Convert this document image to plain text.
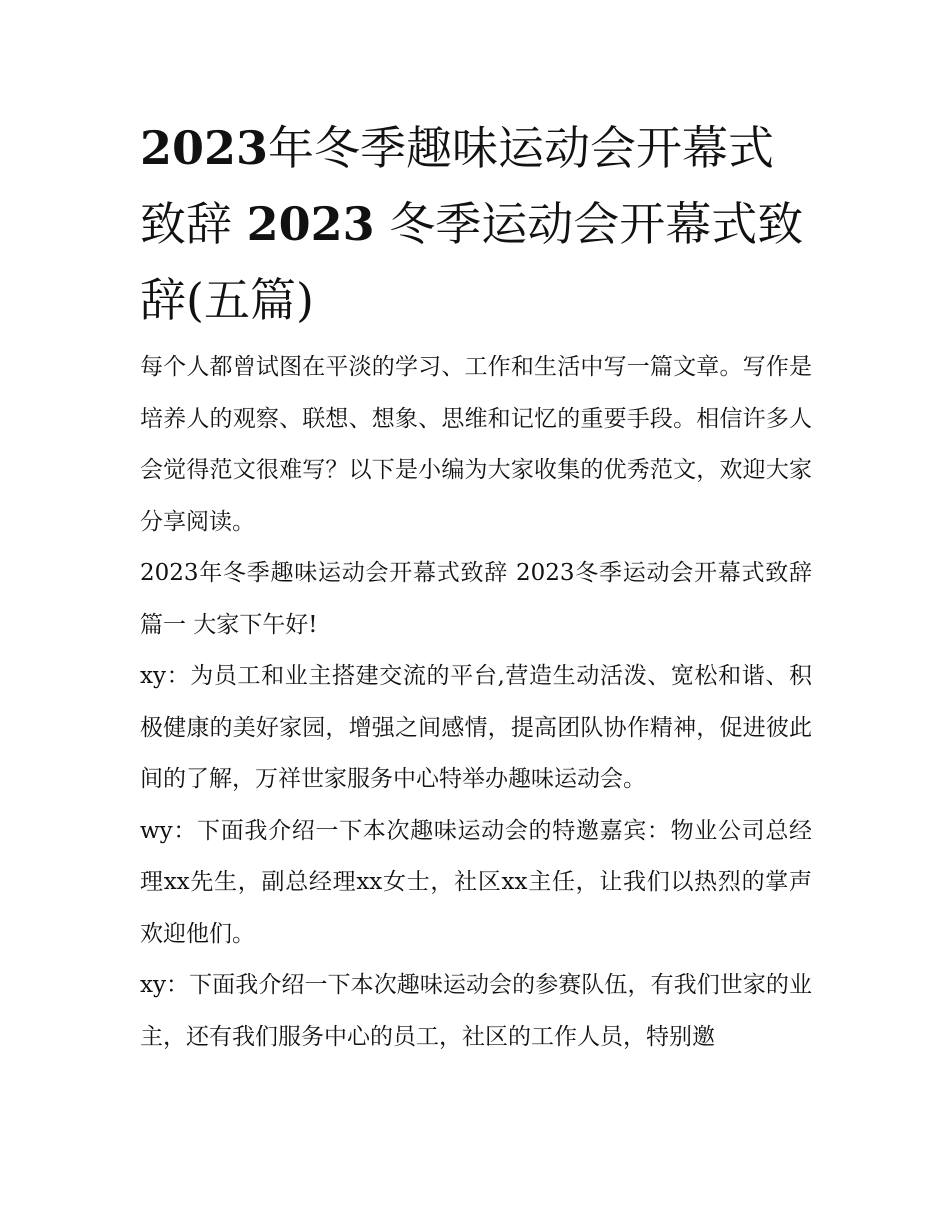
2023年冬季趣味运动会开幕式致辞 2023 冬季运动会开幕式致辞(五篇)

每个人都曾试图在平淡的学习、工作和生活中写一篇文章。写作是培养人的观察、联想、想象、思维和记忆的重要手段。相信许多人会觉得范文很难写？以下是小编为大家收集的优秀范文，欢迎大家分享阅读。

2023年冬季趣味运动会开幕式致辞 2023冬季运动会开幕式致辞篇一 大家下午好!

xy：为员工和业主搭建交流的平台,营造生动活泼、宽松和谐、积极健康的美好家园，增强之间感情，提高团队协作精神，促进彼此间的了解，万祥世家服务中心特举办趣味运动会。

wy：下面我介绍一下本次趣味运动会的特邀嘉宾：物业公司总经理xx先生，副总经理xx女士，社区xx主任，让我们以热烈的掌声欢迎他们。

xy：下面我介绍一下本次趣味运动会的参赛队伍，有我们世家的业主，还有我们服务中心的员工，社区的工作人员，特别邀
